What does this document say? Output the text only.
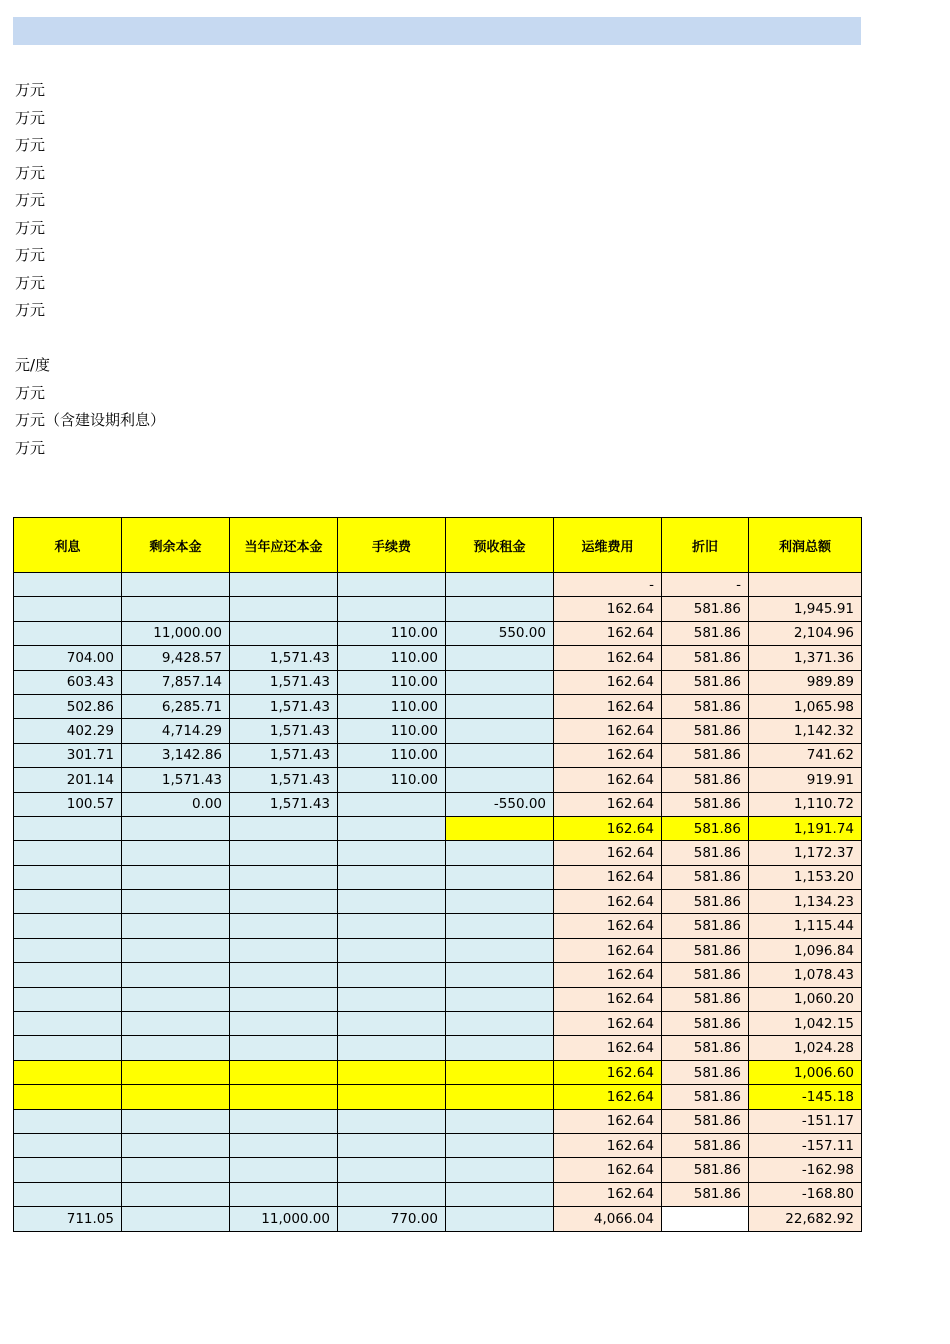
万元
万元
万元
万元
万元
万元
万元
万元
万元
元/度
万元
万元（含建设期利息）
万元
利息	剩余本金	当年应还本金	手续费	预收租金	运维费用	折旧	利润总额
					-	-	
					162.64	581.86	1,945.91
	11,000.00		110.00	550.00	162.64	581.86	2,104.96
704.00	9,428.57	1,571.43	110.00		162.64	581.86	1,371.36
603.43	7,857.14	1,571.43	110.00		162.64	581.86	989.89
502.86	6,285.71	1,571.43	110.00		162.64	581.86	1,065.98
402.29	4,714.29	1,571.43	110.00		162.64	581.86	1,142.32
301.71	3,142.86	1,571.43	110.00		162.64	581.86	741.62
201.14	1,571.43	1,571.43	110.00		162.64	581.86	919.91
100.57	0.00	1,571.43		-550.00	162.64	581.86	1,110.72
					162.64	581.86	1,191.74
					162.64	581.86	1,172.37
					162.64	581.86	1,153.20
					162.64	581.86	1,134.23
					162.64	581.86	1,115.44
					162.64	581.86	1,096.84
					162.64	581.86	1,078.43
					162.64	581.86	1,060.20
					162.64	581.86	1,042.15
					162.64	581.86	1,024.28
					162.64	581.86	1,006.60
					162.64	581.86	-145.18
					162.64	581.86	-151.17
					162.64	581.86	-157.11
					162.64	581.86	-162.98
					162.64	581.86	-168.80
711.05		11,000.00	770.00		4,066.04		22,682.92
